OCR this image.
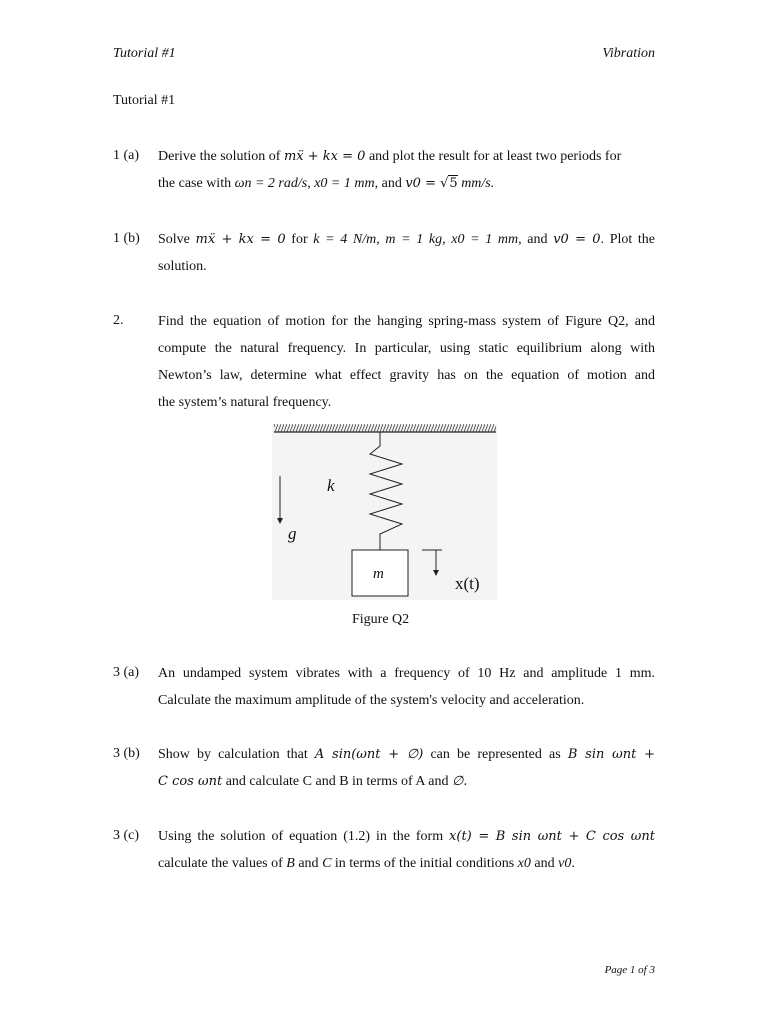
Tutorial #1	Vibration
Tutorial #1
1 (a) Derive the solution of mẍ + kx = 0 and plot the result for at least two periods for
the case with ωn = 2 rad/s, x0 = 1 mm, and v0 = √5 mm/s.
1 (b) Solve mẍ + kx = 0 for k = 4 N/m, m = 1 kg, x0 = 1 mm, and v0 = 0. Plot the
solution.
2. Find the equation of motion for the hanging spring-mass system of Figure Q2, and
compute the natural frequency. In particular, using static equilibrium along with
Newton’s law, determine what effect gravity has on the equation of motion and
the system’s natural frequency.
k
g
m	x(t)
Figure Q2
3 (a) An undamped system vibrates with a frequency of 10 Hz and amplitude 1 mm.
Calculate the maximum amplitude of the system's velocity and acceleration.
3 (b) Show by calculation that A sin(ωnt + ∅) can be represented as B sin ωnt +
C cos ωnt and calculate C and B in terms of A and ∅.
3 (c) Using the solution of equation (1.2) in the form x(t) = B sin ωnt + C cos ωnt
calculate the values of B and C in terms of the initial conditions x0 and v0.
Page 1 of 3
